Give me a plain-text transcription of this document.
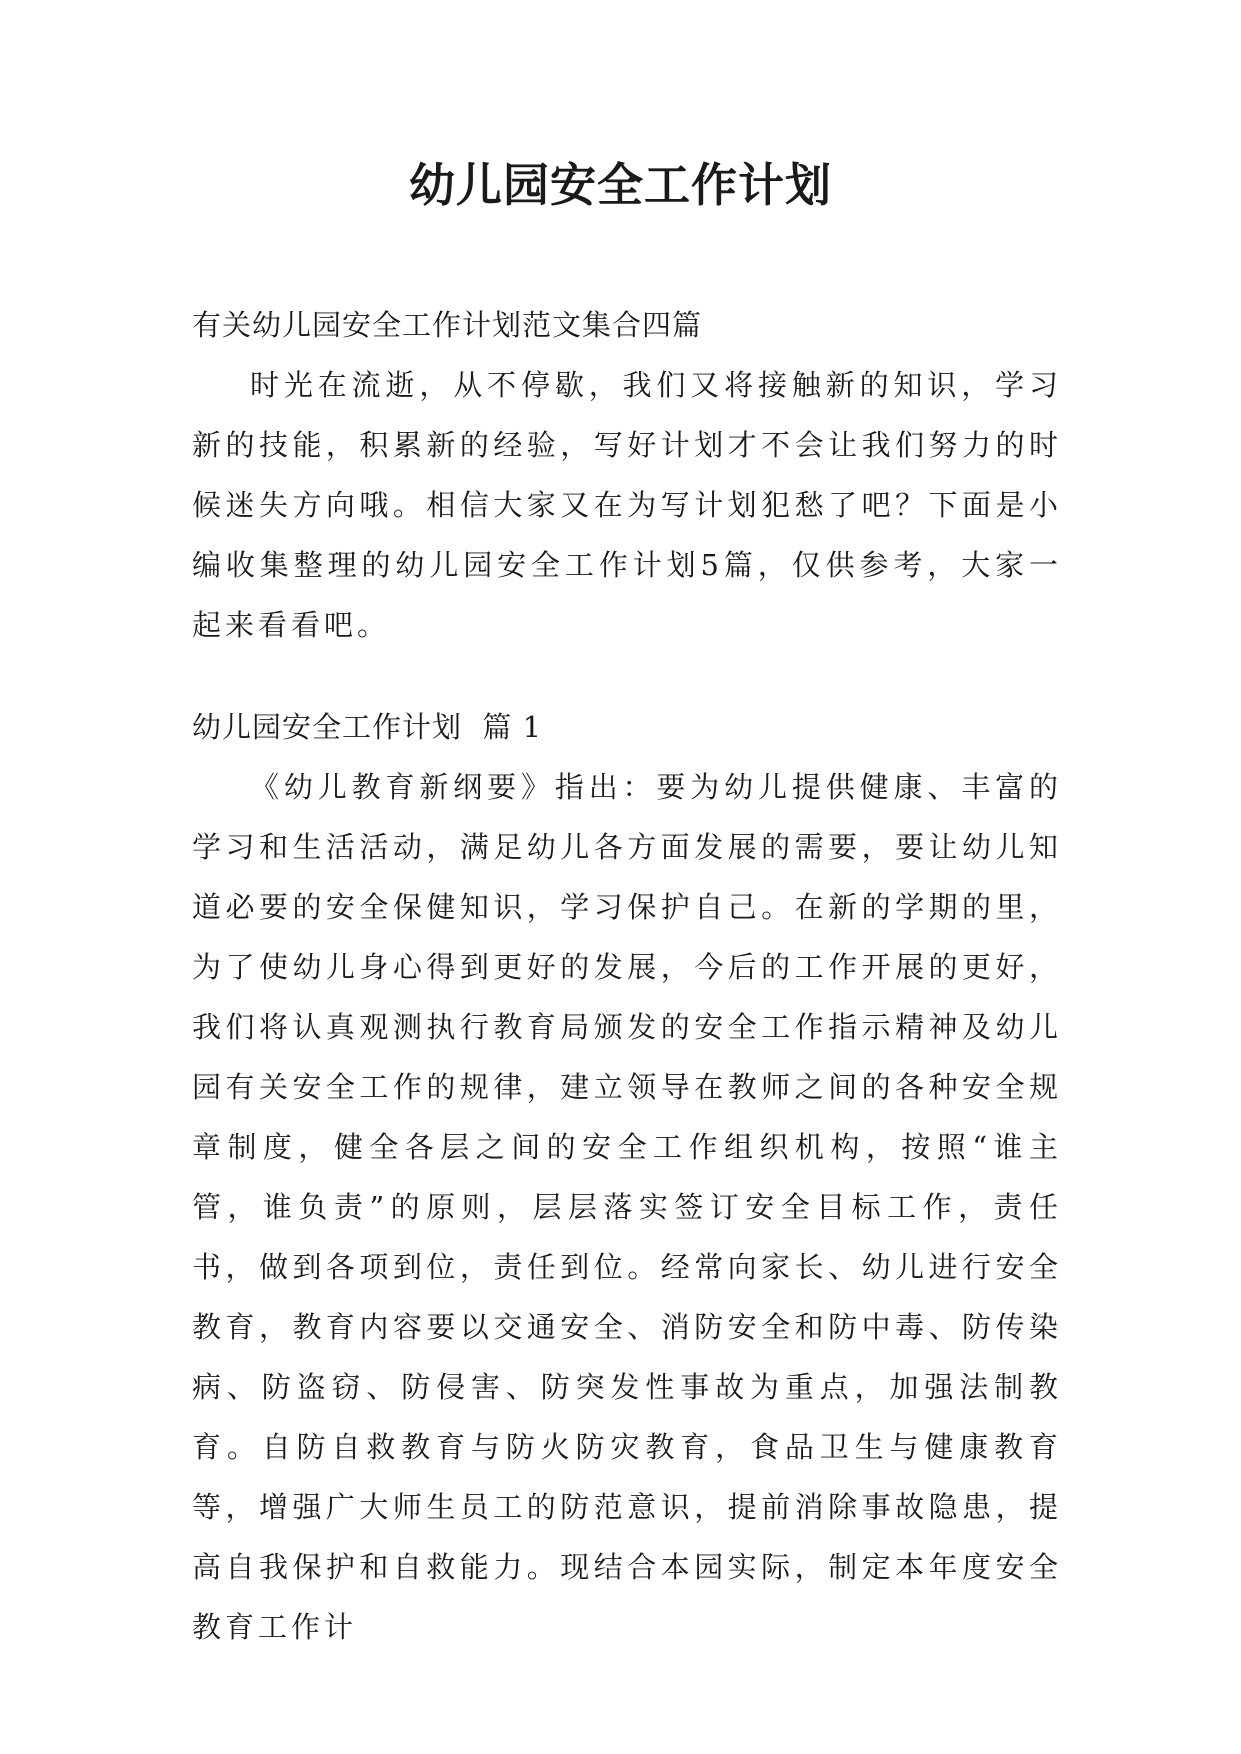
幼儿园安全工作计划

有关幼儿园安全工作计划范文集合四篇

时光在流逝，从不停歇，我们又将接触新的知识，学习新的技能，积累新的经验，写好计划才不会让我们努力的时候迷失方向哦。相信大家又在为写计划犯愁了吧？下面是小编收集整理的幼儿园安全工作计划5篇，仅供参考，大家一起来看看吧。

幼儿园安全工作计划  篇 1

《幼儿教育新纲要》指出：要为幼儿提供健康、丰富的学习和生活活动，满足幼儿各方面发展的需要，要让幼儿知道必要的安全保健知识，学习保护自己。在新的学期的里，为了使幼儿身心得到更好的发展，今后的工作开展的更好，我们将认真观测执行教育局颁发的安全工作指示精神及幼儿园有关安全工作的规律，建立领导在教师之间的各种安全规章制度，健全各层之间的安全工作组织机构，按照“谁主管，谁负责”的原则，层层落实签订安全目标工作，责任书，做到各项到位，责任到位。经常向家长、幼儿进行安全教育，教育内容要以交通安全、消防安全和防中毒、防传染病、防盗窃、防侵害、防突发性事故为重点，加强法制教育。自防自救教育与防火防灾教育，食品卫生与健康教育等，增强广大师生员工的防范意识，提前消除事故隐患，提高自我保护和自救能力。现结合本园实际，制定本年度安全教育工作计
